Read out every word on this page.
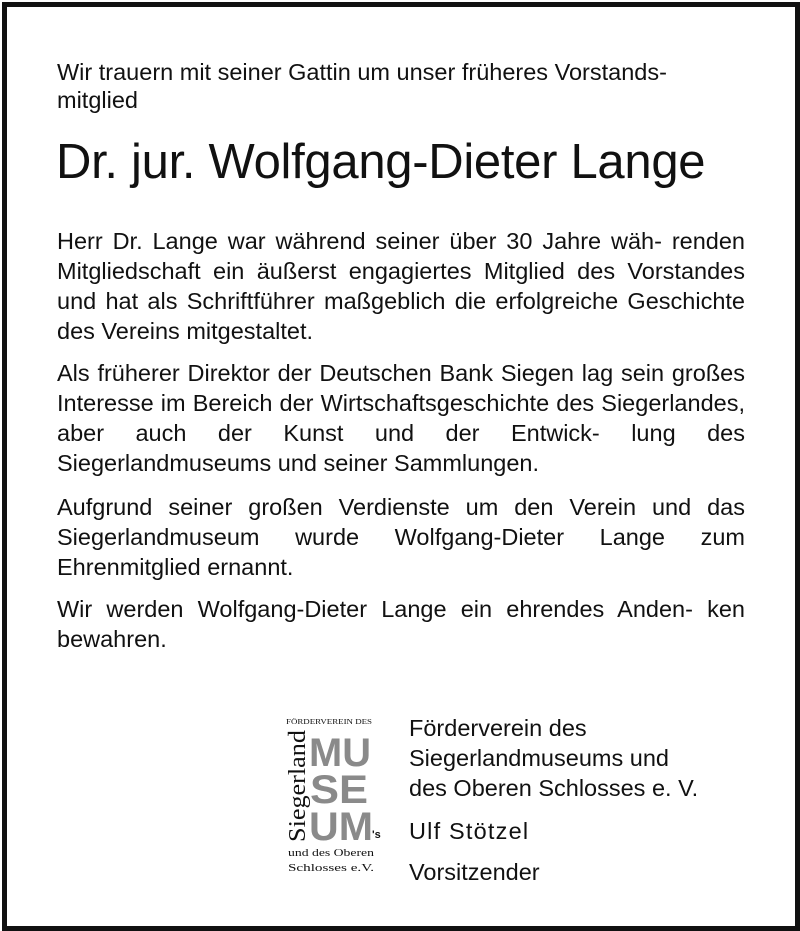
Wir trauern mit seiner Gattin um unser früheres Vorstands- mitglied
Dr. jur. Wolfgang-Dieter Lange

Herr Dr. Lange war während seiner über 30 Jahre wäh- renden Mitgliedschaft ein äußerst engagiertes Mitglied des Vorstandes und hat als Schriftführer maßgeblich die erfolgreiche Geschichte des Vereins mitgestaltet.

Als früherer Direktor der Deutschen Bank Siegen lag sein großes Interesse im Bereich der Wirtschaftsgeschichte des Siegerlandes, aber auch der Kunst und der Entwick- lung des Siegerlandmuseums und seiner Sammlungen.

Aufgrund seiner großen Verdienste um den Verein und das Siegerlandmuseum wurde Wolfgang-Dieter Lange zum Ehrenmitglied ernannt.

Wir werden Wolfgang-Dieter Lange ein ehrendes Anden- ken bewahren.

FÖRDERVEREIN DES
Siegerland
MU
SE
UM 's
und des Oberen
Schlosses e.V.
Förderverein des
Siegerlandmuseums und
des Oberen Schlosses e. V.
Ulf Stötzel
Vorsitzender
